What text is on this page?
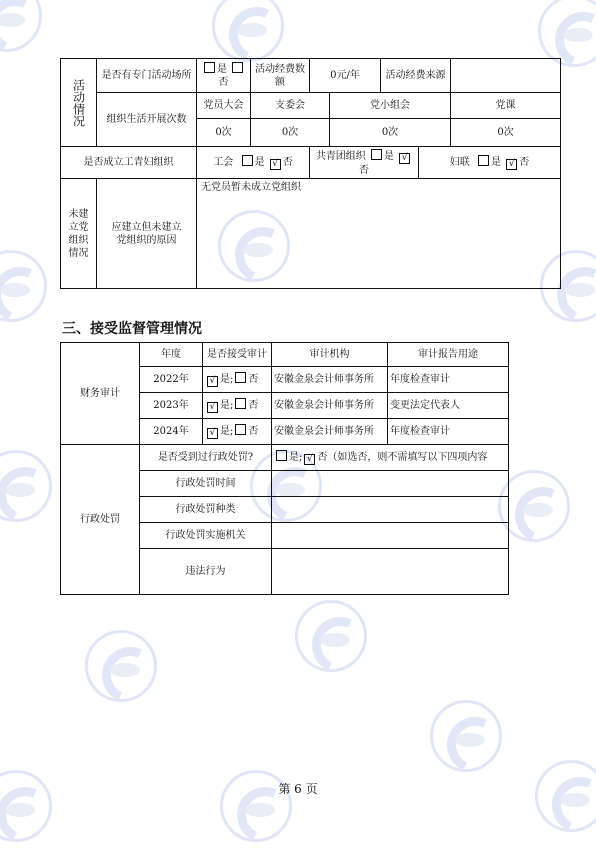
活动情况	是否有专门活动场所	是 否	活动经费数额	0元/年		活动经费来源		
	组织生活开展次数	党员大会	支委会		党小组会			党课
		0次	0次		0次			0次
是否成立工青妇组织		工会 是 √ 否		共青团组织 是 √否			妇联 是 √ 否	
未建立党组织情况	应建立但未建立党组织的原因	无党员暂未成立党组织						
三、接受监督管理情况
财务审计	年度	是否接受审计	审计机构	审计报告用途
	2022年	√ 是; 否	安徽金泉会计师事务所	年度检查审计
	2023年	√ 是; 否	安徽金泉会计师事务所	变更法定代表人
	2024年	√ 是; 否	安徽金泉会计师事务所	年度检查审计
行政处罚	是否受到过行政处罚?		是; √ 否（如选否，则不需填写以下四项内容	
	行政处罚时间			
	行政处罚种类			
	行政处罚实施机关			
	违法行为			
第 6 页
